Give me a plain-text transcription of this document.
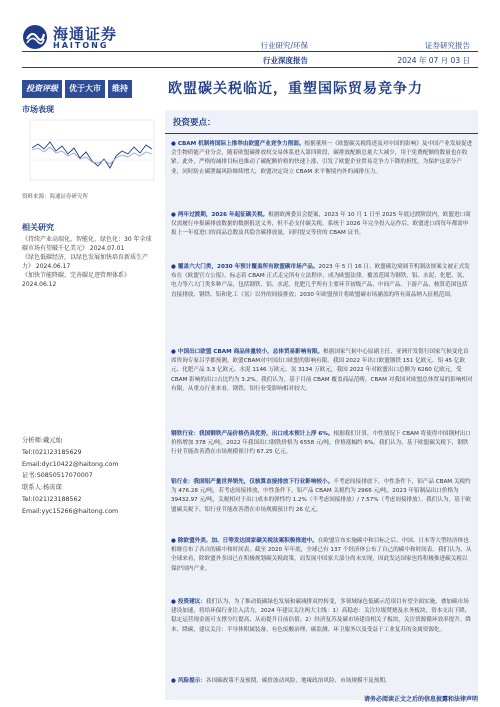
海通证券
HAITONG	行业研究/环保
行业深度报告
证券研究报告
2024 年 07 月 03 日
投资评级	优于大市	维持	欧盟碳关税临近，重塑国际贸易竞争力
市场表现
资料来源：海通证券研究所
相关研究
《持续产业高端化、智能化、绿色化：30 年全球碳市场有望破千亿美元》 2024.07.01
《绿色低碳经济，以绿色发展加快培育新质生产力》 2024.06.17
《加快节能降碳、完善碳足迹管理体系》 2024.06.12
分析师:戴元灿
Tel:(021)23185629
Email:dyc10422@haitong.com
证书:S0850517070007
联系人:杨寅琛
Tel:(021)23188562
Email:yyc15266@haitong.com
投资要点：
● CBAM 机制将国际上推举由欧盟产业竞争力削弱。根据董琪一《欧盟碳关税简述及对中国的影响》及中国产业发展促进会生物质能产业分会，随着欧盟碳排放权交易体系进入第四阶段，碳排放配额总量大大减少，用于免费配额的数量也在收紧。此外，严格的减排目标也推动了碳配额价格的快速上涨，引发了欧盟企业贸易竞争力下降的担忧，为保护这部分产业，同时防止碳泄漏风险继续增大，欧盟决定设立 CBAM 来平衡境内外的减排压力。
● 两年过渡期，2026 年起征碳关税。根据欧洲委员会提案，2023 年 10 月 1 日至 2025 年底过渡阶段内，欧盟进口商仅需履行申报碳排放数据的数据报送义务，但不必支付碳关税。系统于 2026 年完全投入运作后，欧盟进口商每年都需申报上一年度进口的商品总数及其隐含碳排放量，同时提交等价的 CBAM 证书。
● 覆盖六大门类，2030 年预计覆盖所有欧盟碳市场产品。2023 年 5 月 16 日，欧盟碳边境调节机制法规案文被正式发布在《欧盟官方公报》，标志着 CBAM 正式走完所有立法程序，成为欧盟法律。覆盖范围为钢铁、铝、水泥、化肥、氢、电力等六大门类多种产品，包括钢铁、铝、水泥、化肥几乎所有主要环节初级产品、中间产品、下游产品，核算范围包括直接排放、钢铁、铝和化工（氢）以外的间接排放；2030 年欧盟预计将欧盟碳市场涵盖的所有商品纳入征税范围。
● 中国出口欧盟 CBAM 商品体量较小，总体贸易影响有限。根据国家气候中心原副主任、亚洲开发银行国家气候变化首席咨询专家吕学都预测，欧盟CBAM对中国出口欧盟的影响有限。我国 2022 年出口欧盟钢铁 151 亿欧元、铝 45 亿欧元、化肥产品 3.3 亿欧元、水泥 1146 万欧元、氢 3134 万欧元，我国 2022 年对欧盟出口总额为 6260 亿欧元，受 CBAM 影响的出口占比约为 3.2%。我们认为，基于目前 CBAM 覆盖商品范畴，CBAM 对我国对欧盟总体贸易的影响相对有限，从重点行业来看，钢铁、铝行业受影响相对较大。
钢铁行业：我国钢铁产品价格仍具优势，出口成本预计上浮 6%。根据我们计算，中性情况下 CBAM 将使得中国钢材出口价格增加 378 元/吨。2022 年我国出口钢铁价格为 6558 元/吨，价格涨幅约 6%。我们认为，基于欧盟碳关税下，钢铁行业节能改善潜在市场规模预计约 67.25 亿元。
铝行业：我国铝产量世界领先，仅核算直接排放下行业影响较小。不考虑间接排放下，中性条件下，铝产品 CBAM 关税约为 476.28 元/吨，若考虑间接排放，中性条件下，铝产品 CBAM 关税约为 2966 元/吨。2023 年铝制品出口价格为 39432.97 元/吨，关税相对于出口成本的弹性约 1.2%（不考虑间接排放）/ 7.57%（考虑间接排放）。我们认为，基于欧盟碳关税下，铝行业节能改善潜在市场规模预计约 26 亿元。
● 除欧盟外美、加、日等发达国家碳关税法案积极推进中。在欧盟宣布实施碳中和目标之后、中国、日本等大型经济体也相继宣布了各自的碳中和时间表。截至 2020 年年底，全球已有 137 个经济体公布了自己的碳中和时间表。我们认为，从全球来看，除欧盟外多国已在积极规划碳关税政策，而发展中国家大部分尚未实现，因此发达国家也将积极推进碳关税以保护国内产业。
● 投资建议：我们认为，为了推动低碳绿色发展和碳减排双控转变，多领域绿色低碳示范项目有望全面实施，叠加碳市场建设加速，将给环保行业注入活力，2024 年建议关注两大主线：1）高稳态：关注垃圾焚烧及水务板块，资本支出下降，稳定运营现金流可支撑分红提高，从而提升目前估值；2）经济复苏及碳市场建设相关子板块，关注资源循环效率提升、降本、降碳，建议关注：半导体附属装备、有色废酸治理、碳监测、环卫服务以及受益于工业复苏的金属资源化。
● 风险提示：各国碳政策不及预期、碳价波动风险、地缘政治风险、市场规模不及预期。
请务必阅读正文之后的信息披露和法律声明
